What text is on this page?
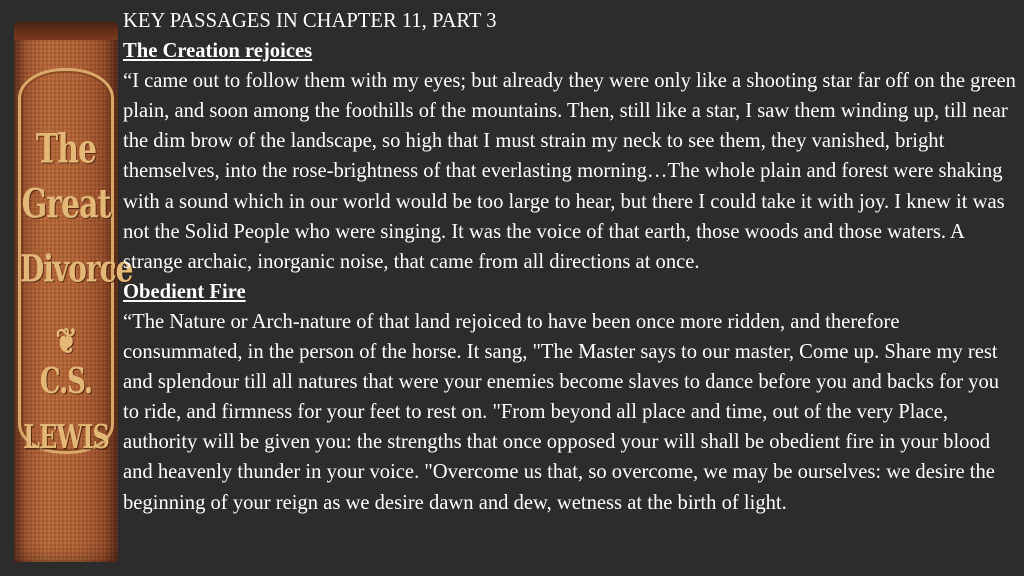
The
Great
Divorce
❦
C.S.
LEWIS

KEY PASSAGES IN CHAPTER 11, PART 3

The Creation rejoices

“I came out to follow them with my eyes; but already they were only like a shooting star far off on the green plain, and soon among the foothills of the mountains. Then, still like a star, I saw them winding up, till near the dim brow of the landscape, so high that I must strain my neck to see them, they vanished, bright themselves, into the rose-brightness of that everlasting morning…The whole plain and forest were shaking with a sound which in our world would be too large to hear, but there I could take it with joy. I knew it was not the Solid People who were singing. It was the voice of that earth, those woods and those waters. A strange archaic, inorganic noise, that came from all directions at once.

Obedient Fire

“The Nature or Arch-nature of that land rejoiced to have been once more ridden, and therefore consummated, in the person of the horse. It sang, "The Master says to our master, Come up. Share my rest and splendour till all natures that were your enemies become slaves to dance before you and backs for you to ride, and firmness for your feet to rest on. "From beyond all place and time, out of the very Place, authority will be given you: the strengths that once opposed your will shall be obedient fire in your blood and heavenly thunder in your voice. "Overcome us that, so overcome, we may be ourselves: we desire the beginning of your reign as we desire dawn and dew, wetness at the birth of light.
